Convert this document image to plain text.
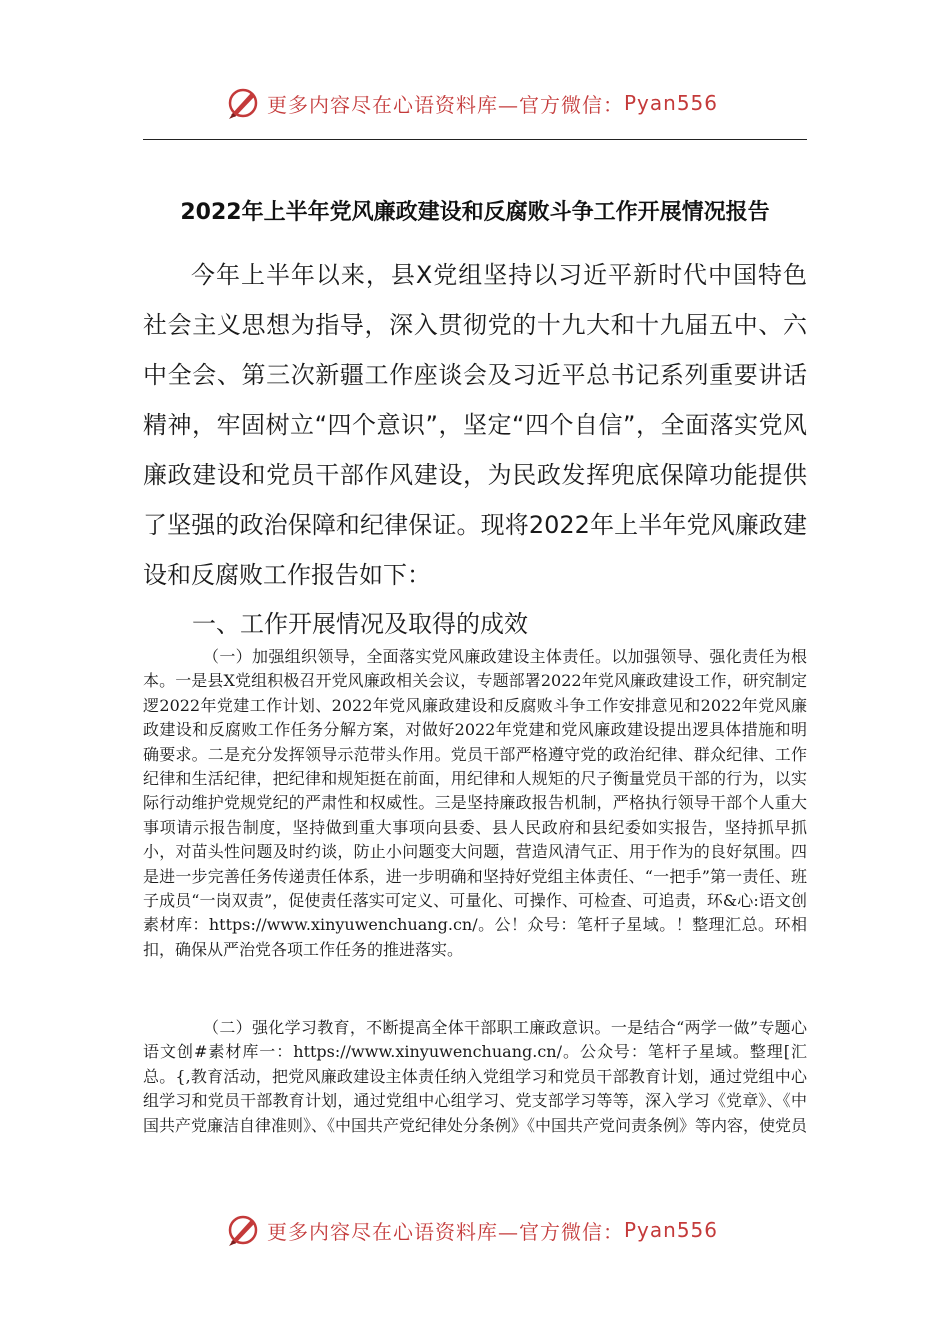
更多内容尽在心语资料库—官方微信： Pyan556
2022年上半年党风廉政建设和反腐败斗争工作开展情况报告

今年上半年以来，县X党组坚持以习近平新时代中国特色社会主义思想为指导，深入贯彻党的十九大和十九届五中、六中全会、第三次新疆工作座谈会及习近平总书记系列重要讲话精神，牢固树立“四个意识”，坚定“四个自信”，全面落实党风廉政建设和党员干部作风建设，为民政发挥兜底保障功能提供了坚强的政治保障和纪律保证。现将2022年上半年党风廉政建设和反腐败工作报告如下：

一、工作开展情况及取得的成效

（一）加强组织领导，全面落实党风廉政建设主体责任。以加强领导、强化责任为根本。一是县X党组积极召开党风廉政相关会议，专题部署2022年党风廉政建设工作，研究制定逻2022年党建工作计划、2022年党风廉政建设和反腐败斗争工作安排意见和2022年党风廉政建设和反腐败工作任务分解方案，对做好2022年党建和党风廉政建设提出逻具体措施和明确要求。二是充分发挥领导示范带头作用。党员干部严格遵守党的政治纪律、群众纪律、工作纪律和生活纪律，把纪律和规矩挺在前面，用纪律和人规矩的尺子衡量党员干部的行为，以实际行动维护党规党纪的严肃性和权威性。三是坚持廉政报告机制，严格执行领导干部个人重大事项请示报告制度，坚持做到重大事项向县委、县人民政府和县纪委如实报告，坚持抓早抓小，对苗头性问题及时约谈，防止小问题变大问题，营造风清气正、用于作为的良好氛围。四是进一步完善任务传递责任体系，进一步明确和坚持好党组主体责任、“一把手”第一责任、班子成员“一岗双责”，促使责任落实可定义、可量化、可操作、可检查、可追责，环&心:语文创素材库：https://www.xinyuwenchuang.cn/。公！众号：笔杆子星域。！整理汇总。环相扣，确保从严治党各项工作任务的推进落实。

（二）强化学习教育，不断提高全体干部职工廉政意识。一是结合“两学一做”专题心语文创#素材库一：https://www.xinyuwenchuang.cn/。公众号：笔杆子星域。整理[汇总。{,教育活动，把党风廉政建设主体责任纳入党组学习和党员干部教育计划，通过党组中心组学习和党员干部教育计划，通过党组中心组学习、党支部学习等等，深入学习《党章》、《中国共产党廉洁自律准则》、《中国共产党纪律处分条例》《中国共产党问责条例》等内容，使党员

更多内容尽在心语资料库—官方微信： Pyan556
